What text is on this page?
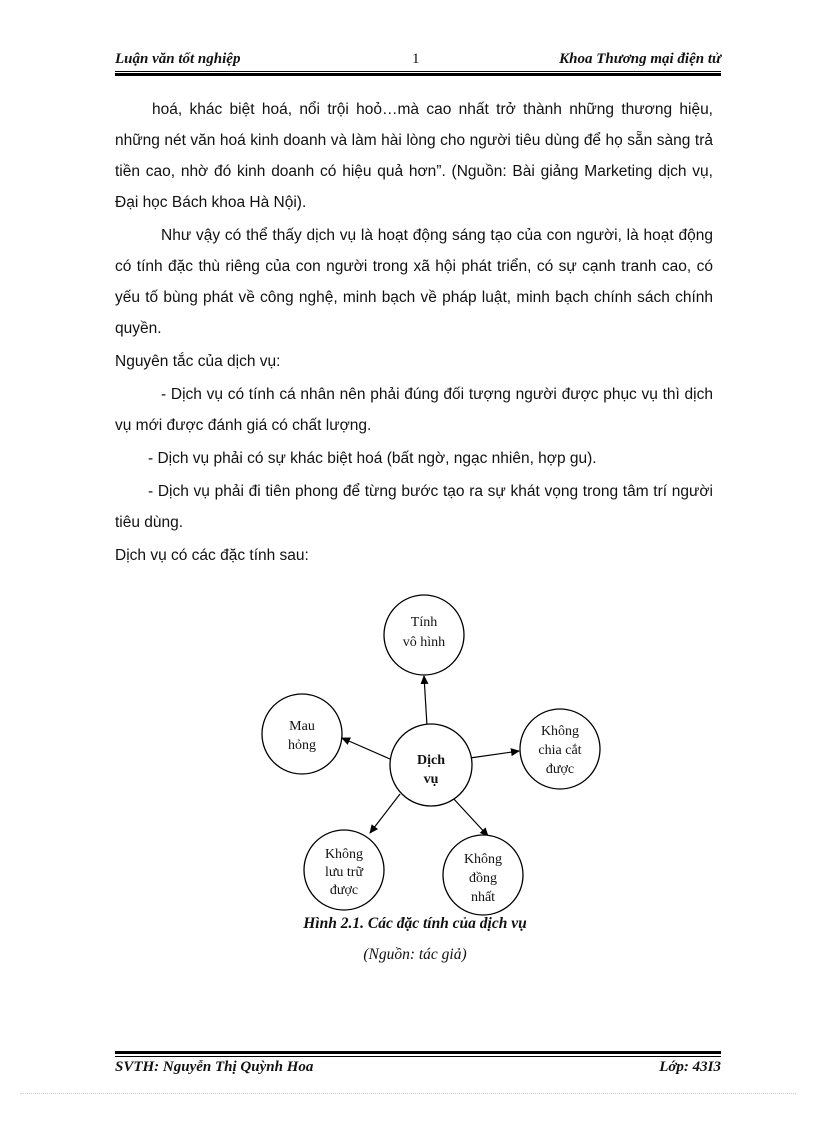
Luận văn tốt nghiệp	1	Khoa Thương mại điện tử

hoá, khác biệt hoá, nổi trội hoỏ…mà cao nhất trở thành những thương hiệu, những nét văn hoá kinh doanh và làm hài lòng cho người tiêu dùng để họ sẵn sàng trả tiền cao, nhờ đó kinh doanh có hiệu quả hơn”. (Nguồn: Bài giảng Marketing dịch vụ, Đại học Bách khoa Hà Nội).

Như vậy có thể thấy dịch vụ là hoạt động sáng tạo của con người, là hoạt động có tính đặc thù riêng của con người trong xã hội phát triển, có sự cạnh tranh cao, có yếu tố bùng phát về công nghệ, minh bạch về pháp luật, minh bạch chính sách chính quyền.

Nguyên tắc của dịch vụ:

- Dịch vụ có tính cá nhân nên phải đúng đối tượng người được phục vụ thì dịch vụ mới được đánh giá có chất lượng.

- Dịch vụ phải có sự khác biệt hoá (bất ngờ, ngạc nhiên, hợp gu).

- Dịch vụ phải đi tiên phong để từng bước tạo ra sự khát vọng trong tâm trí người tiêu dùng.

Dịch vụ có các đặc tính sau:

Dịch
vụ
Tính
vô hình
Mau
hỏng
Không
chia cắt
được
Không
lưu trữ
được
Không
đồng
nhất
Hình 2.1. Các đặc tính của dịch vụ
(Nguồn: tác giả)
SVTH: Nguyễn Thị Quỳnh Hoa	Lớp: 43I3
